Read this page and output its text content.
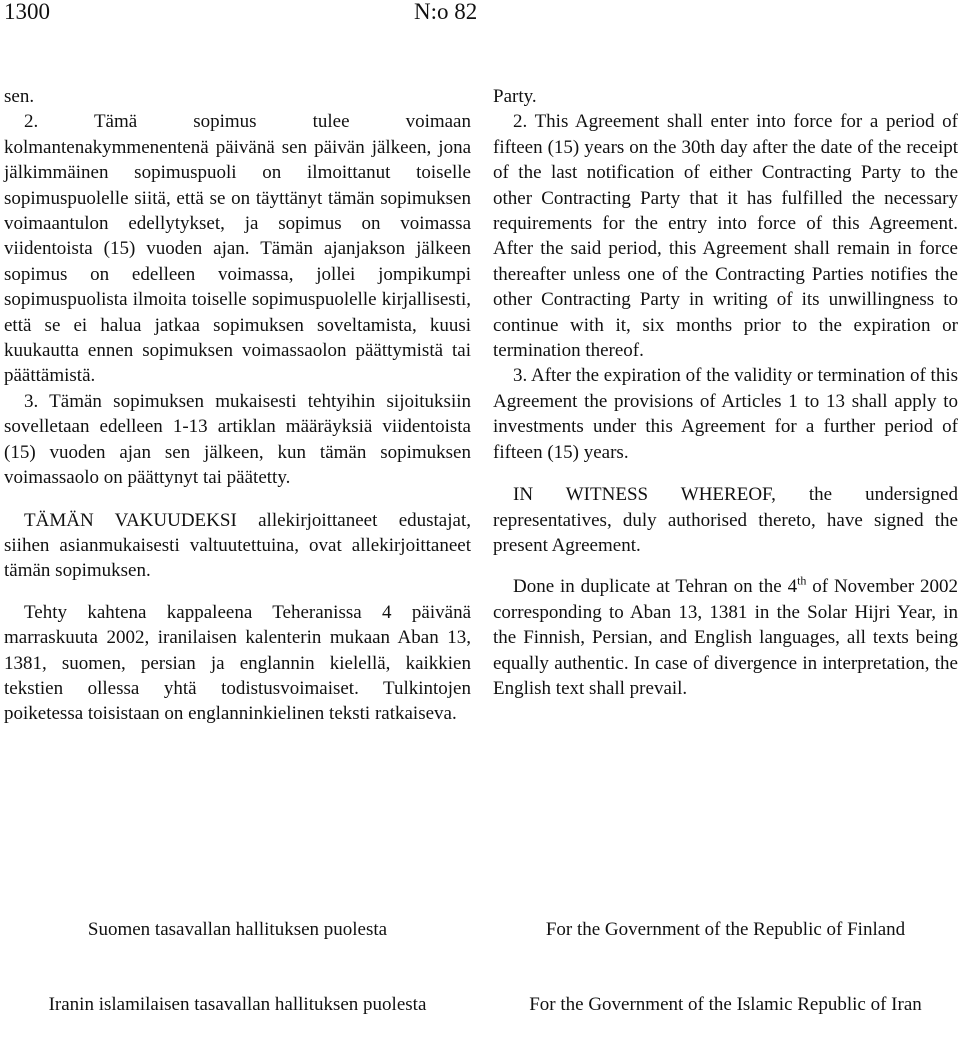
1300	N:o 82

sen.

2. Tämä sopimus tulee voimaan kolmantenakymmenentenä päivänä sen päivän jälkeen, jona jälkimmäinen sopimuspuoli on ilmoittanut toiselle sopimuspuolelle siitä, että se on täyttänyt tämän sopimuksen voimaantulon edellytykset, ja sopimus on voimassa viidentoista (15) vuoden ajan. Tämän ajanjakson jälkeen sopimus on edelleen voimassa, jollei jompikumpi sopimuspuolista ilmoita toiselle sopimuspuolelle kirjallisesti, että se ei halua jatkaa sopimuksen soveltamista, kuusi kuukautta ennen sopimuksen voimassaolon päättymistä tai päättämistä.

3. Tämän sopimuksen mukaisesti tehtyihin sijoituksiin sovelletaan edelleen 1-13 artiklan määräyksiä viidentoista (15) vuoden ajan sen jälkeen, kun tämän sopimuksen voimassaolo on päättynyt tai päätetty.

TÄMÄN VAKUUDEKSI allekirjoittaneet edustajat, siihen asianmukaisesti valtuutettuina, ovat allekirjoittaneet tämän sopimuksen.

Tehty kahtena kappaleena Teheranissa 4 päivänä marraskuuta 2002, iranilaisen kalenterin mukaan Aban 13, 1381, suomen, persian ja englannin kielellä, kaikkien tekstien ollessa yhtä todistusvoimaiset. Tulkintojen poiketessa toisistaan on englanninkielinen teksti ratkaiseva.

Party.

2. This Agreement shall enter into force for a period of fifteen (15) years on the 30th day after the date of the receipt of the last notification of either Contracting Party to the other Contracting Party that it has fulfilled the necessary requirements for the entry into force of this Agreement. After the said period, this Agreement shall remain in force thereafter unless one of the Contracting Parties notifies the other Contracting Party in writing of its unwillingness to continue with it, six months prior to the expiration or termination thereof.

3. After the expiration of the validity or termination of this Agreement the provisions of Articles 1 to 13 shall apply to investments under this Agreement for a further period of fifteen (15) years.

IN WITNESS WHEREOF, the undersigned representatives, duly authorised thereto, have signed the present Agreement.

Done in duplicate at Tehran on the 4th of November 2002 corresponding to Aban 13, 1381 in the Solar Hijri Year, in the Finnish, Persian, and English languages, all texts being equally authentic. In case of divergence in interpretation, the English text shall prevail.

Suomen tasavallan hallituksen puolesta	For the Government of the Republic of Finland
Iranin islamilaisen tasavallan hallituksen puolesta	For the Government of the Islamic Republic of Iran
